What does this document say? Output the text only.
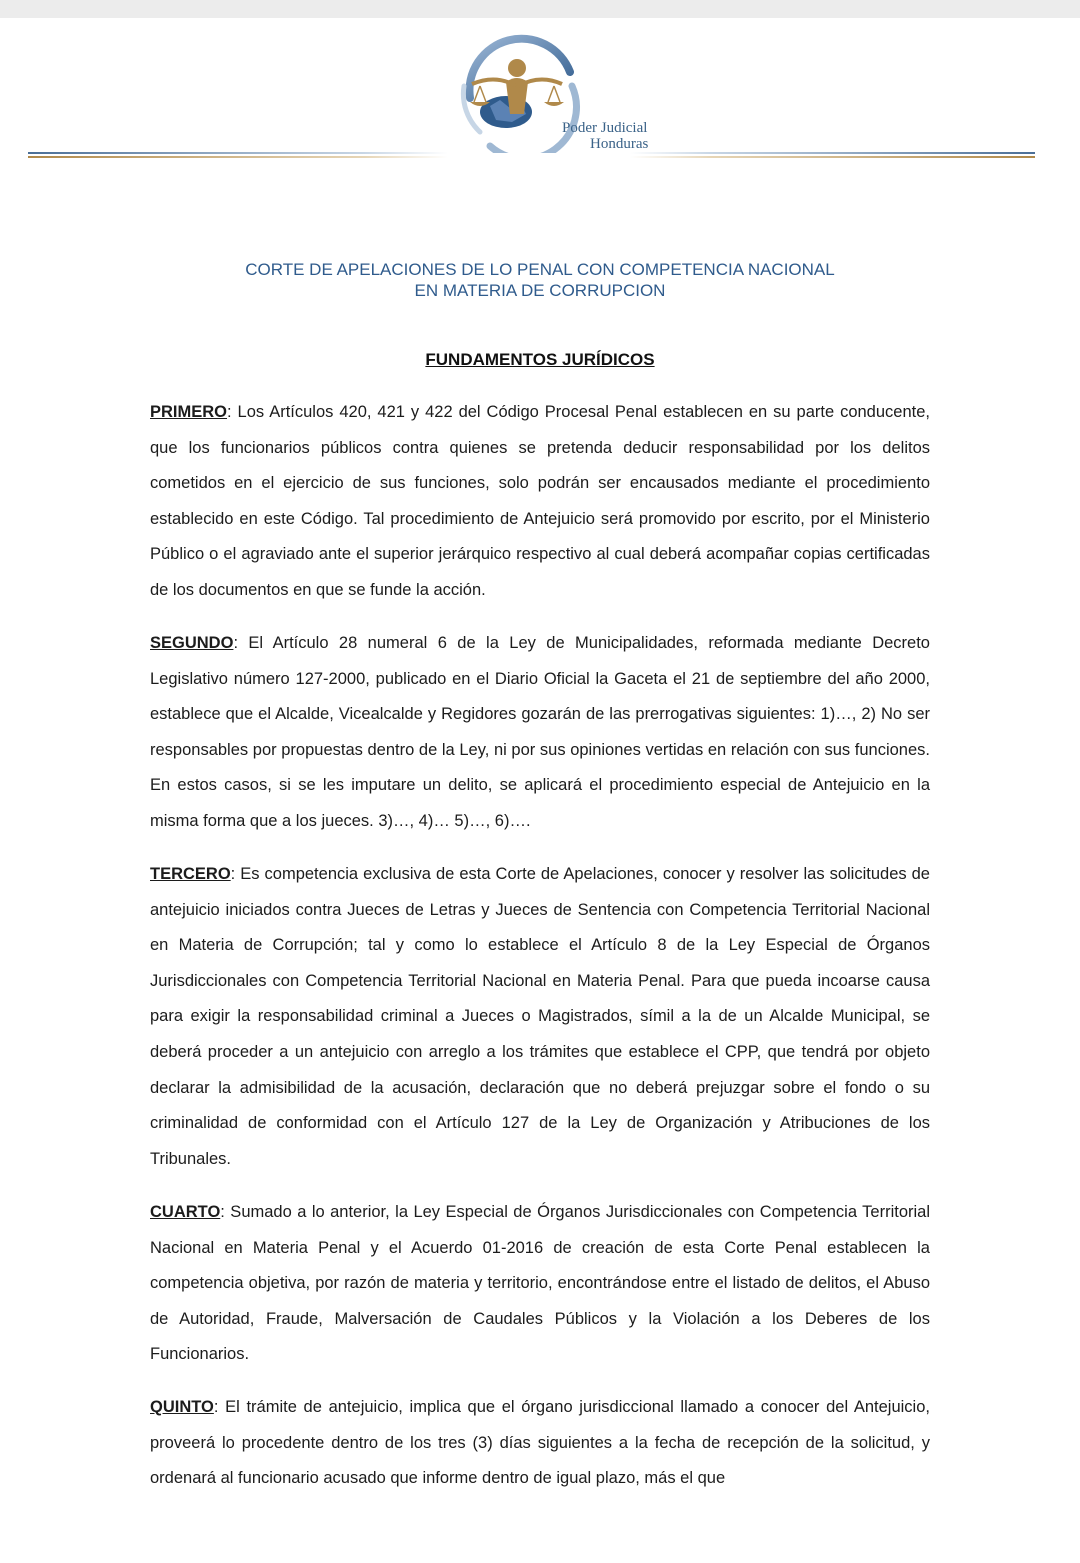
Poder Judicial
Honduras
CORTE DE APELACIONES DE LO PENAL CON COMPETENCIA NACIONAL
EN MATERIA DE CORRUPCION
FUNDAMENTOS JURÍDICOS

PRIMERO: Los Artículos 420, 421 y 422 del Código Procesal Penal establecen en su parte conducente, que los funcionarios públicos contra quienes se pretenda deducir responsabilidad por los delitos cometidos en el ejercicio de sus funciones, solo podrán ser encausados mediante el procedimiento establecido en este Código. Tal procedimiento de Antejuicio será promovido por escrito, por el Ministerio Público o el agraviado ante el superior jerárquico respectivo al cual deberá acompañar copias certificadas de los documentos en que se funde la acción.

SEGUNDO: El Artículo 28 numeral 6 de la Ley de Municipalidades, reformada mediante Decreto Legislativo número 127-2000, publicado en el Diario Oficial la Gaceta el 21 de septiembre del año 2000, establece que el Alcalde, Vicealcalde y Regidores gozarán de las prerrogativas siguientes: 1)…, 2) No ser responsables por propuestas dentro de la Ley, ni por sus opiniones vertidas en relación con sus funciones. En estos casos, si se les imputare un delito, se aplicará el procedimiento especial de Antejuicio en la misma forma que a los jueces. 3)…, 4)… 5)…, 6)….

TERCERO: Es competencia exclusiva de esta Corte de Apelaciones, conocer y resolver las solicitudes de antejuicio iniciados contra Jueces de Letras y Jueces de Sentencia con Competencia Territorial Nacional en Materia de Corrupción; tal y como lo establece el Artículo 8 de la Ley Especial de Órganos Jurisdiccionales con Competencia Territorial Nacional en Materia Penal. Para que pueda incoarse causa para exigir la responsabilidad criminal a Jueces o Magistrados, símil a la de un Alcalde Municipal, se deberá proceder a un antejuicio con arreglo a los trámites que establece el CPP, que tendrá por objeto declarar la admisibilidad de la acusación, declaración que no deberá prejuzgar sobre el fondo o su criminalidad de conformidad con el Artículo 127 de la Ley de Organización y Atribuciones de los Tribunales.

CUARTO: Sumado a lo anterior, la Ley Especial de Órganos Jurisdiccionales con Competencia Territorial Nacional en Materia Penal y el Acuerdo 01-2016 de creación de esta Corte Penal establecen la competencia objetiva, por razón de materia y territorio, encontrándose entre el listado de delitos, el Abuso de Autoridad, Fraude, Malversación de Caudales Públicos y la Violación a los Deberes de los Funcionarios.

QUINTO: El trámite de antejuicio, implica que el órgano jurisdiccional llamado a conocer del Antejuicio, proveerá lo procedente dentro de los tres (3) días siguientes a la fecha de recepción de la solicitud, y ordenará al funcionario acusado que informe dentro de igual plazo, más el que
